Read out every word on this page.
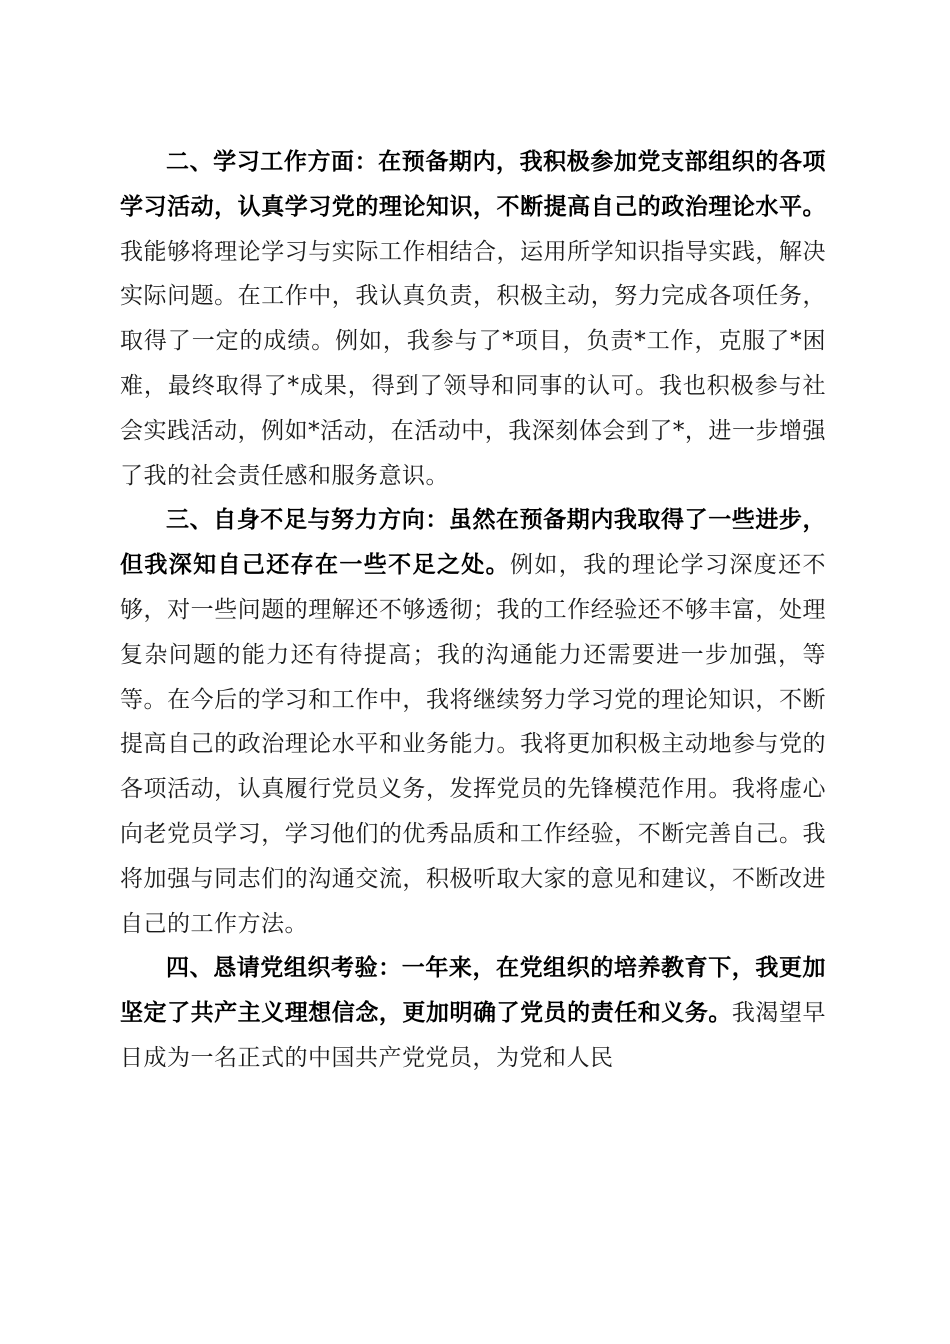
二、学习工作方面：在预备期内，我积极参加党支部组织的各项学习活动，认真学习党的理论知识，不断提高自己的政治理论水平。我能够将理论学习与实际工作相结合，运用所学知识指导实践，解决实际问题。在工作中，我认真负责，积极主动，努力完成各项任务，取得了一定的成绩。例如，我参与了*项目，负责*工作，克服了*困难，最终取得了*成果，得到了领导和同事的认可。我也积极参与社会实践活动，例如*活动，在活动中，我深刻体会到了*，进一步增强了我的社会责任感和服务意识。

三、自身不足与努力方向：虽然在预备期内我取得了一些进步，但我深知自己还存在一些不足之处。例如，我的理论学习深度还不够，对一些问题的理解还不够透彻；我的工作经验还不够丰富，处理复杂问题的能力还有待提高；我的沟通能力还需要进一步加强，等等。在今后的学习和工作中，我将继续努力学习党的理论知识，不断提高自己的政治理论水平和业务能力。我将更加积极主动地参与党的各项活动，认真履行党员义务，发挥党员的先锋模范作用。我将虚心向老党员学习，学习他们的优秀品质和工作经验，不断完善自己。我将加强与同志们的沟通交流，积极听取大家的意见和建议，不断改进自己的工作方法。

四、恳请党组织考验：一年来，在党组织的培养教育下，我更加坚定了共产主义理想信念，更加明确了党员的责任和义务。我渴望早日成为一名正式的中国共产党党员，为党和人民
